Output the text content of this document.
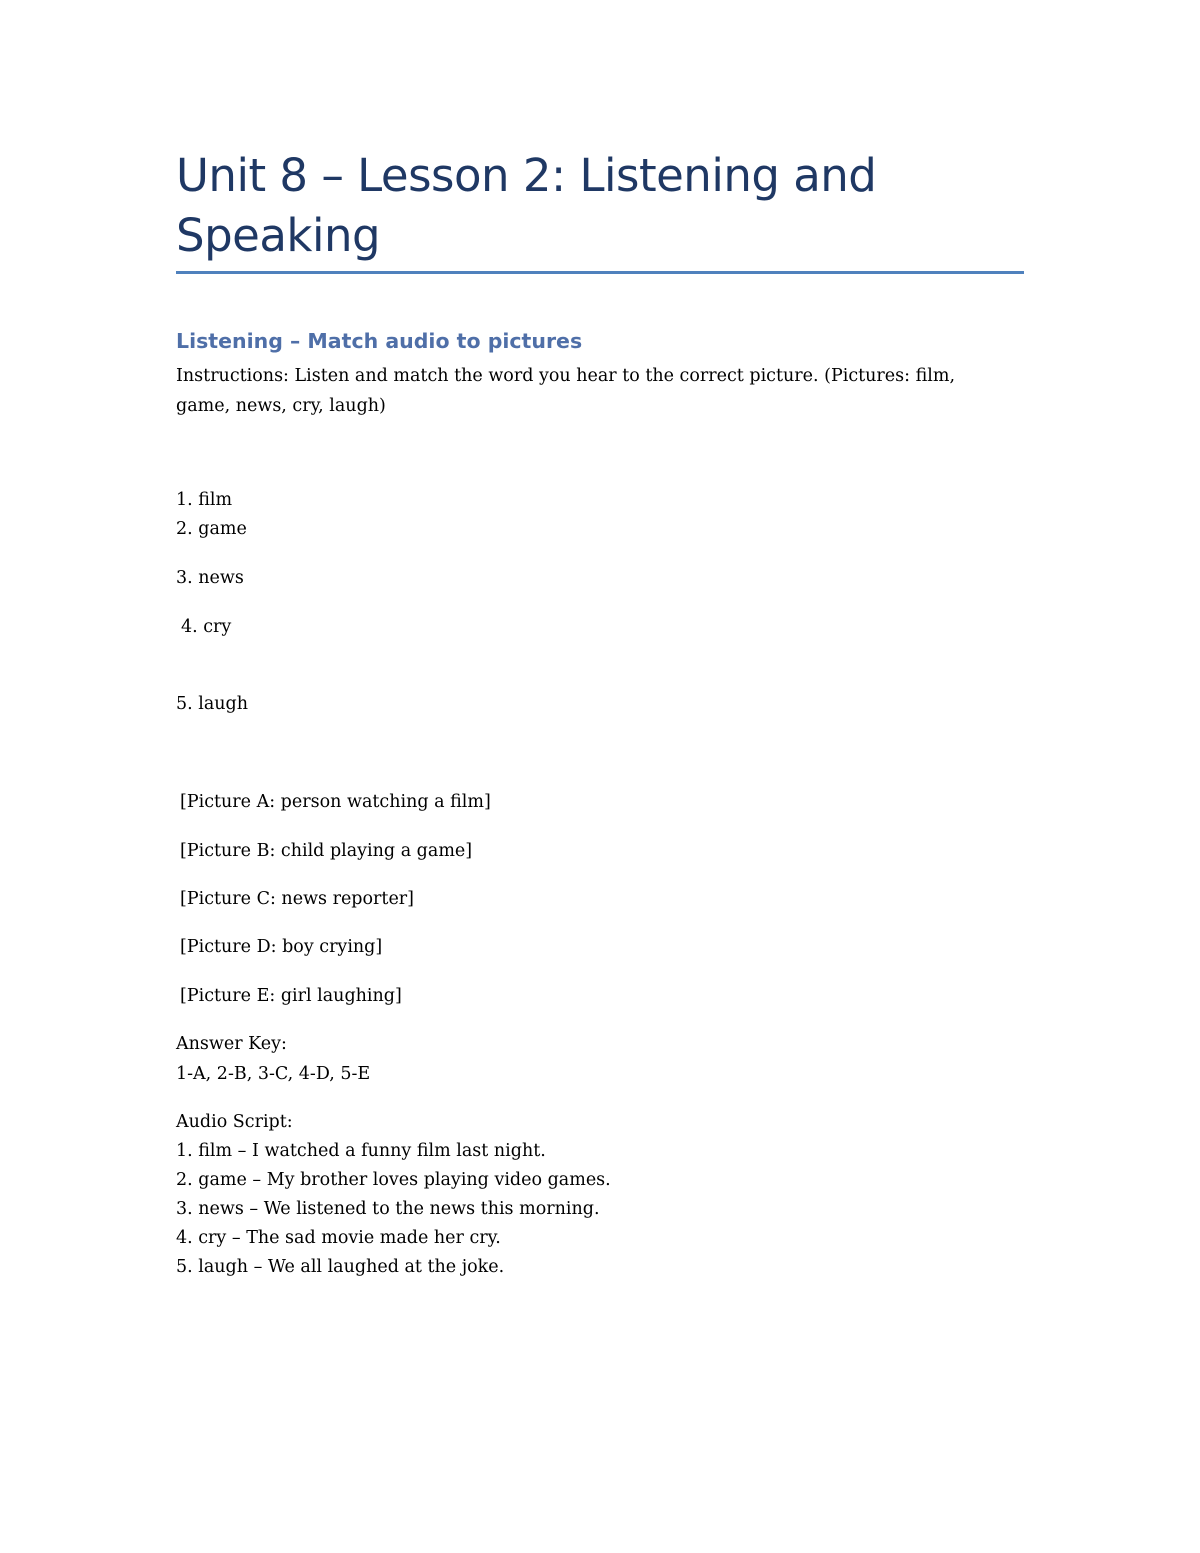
Unit 8 – Lesson 2: Listening and Speaking
Listening – Match audio to pictures

Instructions: Listen and match the word you hear to the correct picture. (Pictures: film, game, news, cry, laugh)

1. film

2. game

3. news

4. cry

5. laugh

[Picture A: person watching a film]

[Picture B: child playing a game]

[Picture C: news reporter]

[Picture D: boy crying]

[Picture E: girl laughing]

Answer Key:

1-A, 2-B, 3-C, 4-D, 5-E

Audio Script:

1. film – I watched a funny film last night.

2. game – My brother loves playing video games.

3. news – We listened to the news this morning.

4. cry – The sad movie made her cry.

5. laugh – We all laughed at the joke.
